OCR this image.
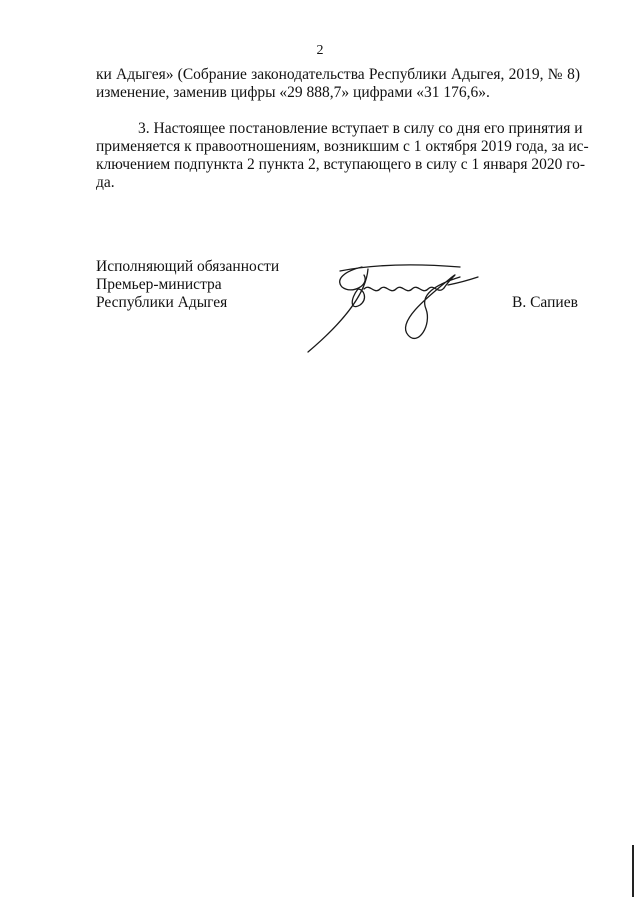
2
ки Адыгея» (Собрание законодательства Республики Адыгея, 2019, № 8)
изменение, заменив цифры «29 888,7» цифрами «31 176,6».
3. Настоящее постановление вступает в силу со дня его принятия и
применяется к правоотношениям, возникшим с 1 октября 2019 года, за ис-
ключением подпункта 2 пункта 2, вступающего в силу с 1 января 2020 го-
да.
Исполняющий обязанности
Премьер-министра
Республики Адыгея	В. Сапиев
